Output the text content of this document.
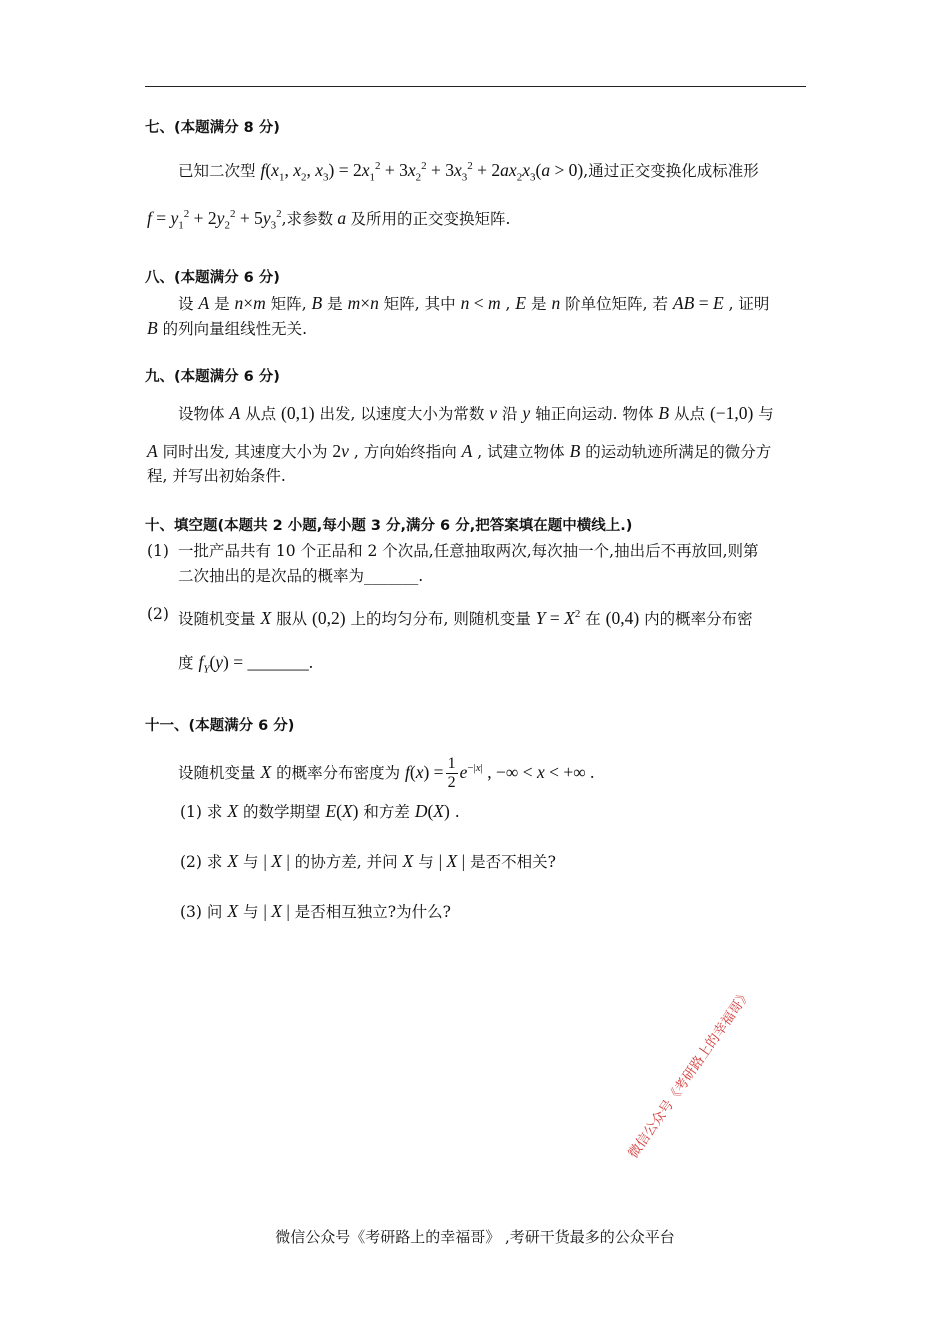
七、(本题满分 8 分)
已知二次型 $f(x_1$, $x_2$, $x_3) = 2x_1^2 + 3x_2^2 + 3x_3^2 + 2ax_2x_3(a > 0)$,通过正交变换化成标准形
$f = y_1^2 + 2y_2^2 + 5y_3^2$,求参数 a 及所用的正交变换矩阵.
八、(本题满分 6 分)
设 A 是 n×m 矩阵, B 是 m×n 矩阵, 其中 n < m , E 是 n 阶单位矩阵, 若 AB = E , 证明
B 的列向量组线性无关.
九、(本题满分 6 分)
设物体 A 从点 (0,1) 出发, 以速度大小为常数 v 沿 y 轴正向运动. 物体 B 从点 (−1,0) 与
A 同时出发, 其速度大小为 2v , 方向始终指向 A , 试建立物体 B 的运动轨迹所满足的微分方
程, 并写出初始条件.
十、填空题(本题共 2 小题,每小题 3 分,满分 6 分,把答案填在题中横线上.)
(1) 一批产品共有 10 个正品和 2 个次品,任意抽取两次,每次抽一个,抽出后不再放回,则第
二次抽出的是次品的概率为_______.
(2) 设随机变量 X 服从 (0,2) 上的均匀分布, 则随机变量 $Y = X^2$ 在 (0,4) 内的概率分布密
度 $f_Y(y)$ = _______.
十一、(本题满分 6 分)
设随机变量 X 的概率分布密度为 $f(x) = \frac{1}{2} e^{-|x|}$ , −∞ < x < +∞ .
(1) 求 X 的数学期望 E(X) 和方差 D(X) .
(2) 求 X 与 | X | 的协方差, 并问 X 与 | X | 是否不相关?
(3) 问 X 与 | X | 是否相互独立?为什么?
微信公众号《考研路上的幸福哥》
微信公众号《考研路上的幸福哥》 ,考研干货最多的公众平台
